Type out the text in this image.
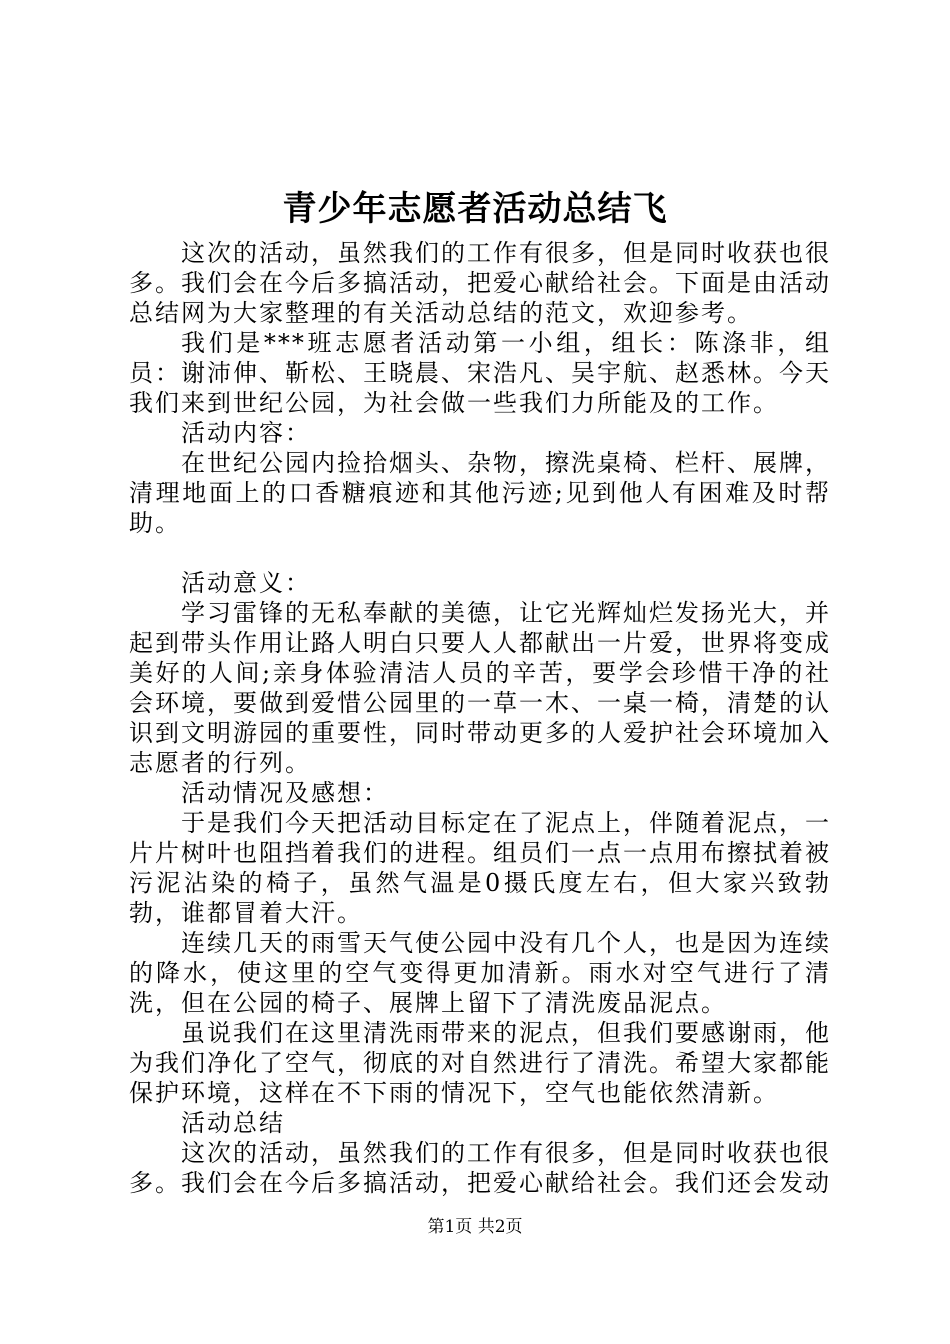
青少年志愿者活动总结飞

这次的活动，虽然我们的工作有很多，但是同时收获也很多。我们会在今后多搞活动，把爱心献给社会。下面是由活动总结网为大家整理的有关活动总结的范文，欢迎参考。

我们是***班志愿者活动第一小组，组长：陈涤非，组员：谢沛伸、靳松、王晓晨、宋浩凡、吴宇航、赵悉林。今天我们来到世纪公园，为社会做一些我们力所能及的工作。

活动内容：

在世纪公园内捡拾烟头、杂物，擦洗桌椅、栏杆、展牌，清理地面上的口香糖痕迹和其他污迹;见到他人有困难及时帮助。

活动意义：

学习雷锋的无私奉献的美德，让它光辉灿烂发扬光大，并起到带头作用让路人明白只要人人都献出一片爱，世界将变成美好的人间;亲身体验清洁人员的辛苦，要学会珍惜干净的社会环境，要做到爱惜公园里的一草一木、一桌一椅，清楚的认识到文明游园的重要性，同时带动更多的人爱护社会环境加入志愿者的行列。

活动情况及感想：

于是我们今天把活动目标定在了泥点上，伴随着泥点，一片片树叶也阻挡着我们的进程。组员们一点一点用布擦拭着被污泥沾染的椅子，虽然气温是0摄氏度左右，但大家兴致勃勃，谁都冒着大汗。

连续几天的雨雪天气使公园中没有几个人，也是因为连续的降水，使这里的空气变得更加清新。雨水对空气进行了清洗，但在公园的椅子、展牌上留下了清洗废品泥点。

虽说我们在这里清洗雨带来的泥点，但我们要感谢雨，他为我们净化了空气，彻底的对自然进行了清洗。希望大家都能保护环境，这样在不下雨的情况下，空气也能依然清新。

活动总结

这次的活动，虽然我们的工作有很多，但是同时收获也很多。我们会在今后多搞活动，把爱心献给社会。我们还会发动

第1页 共2页
